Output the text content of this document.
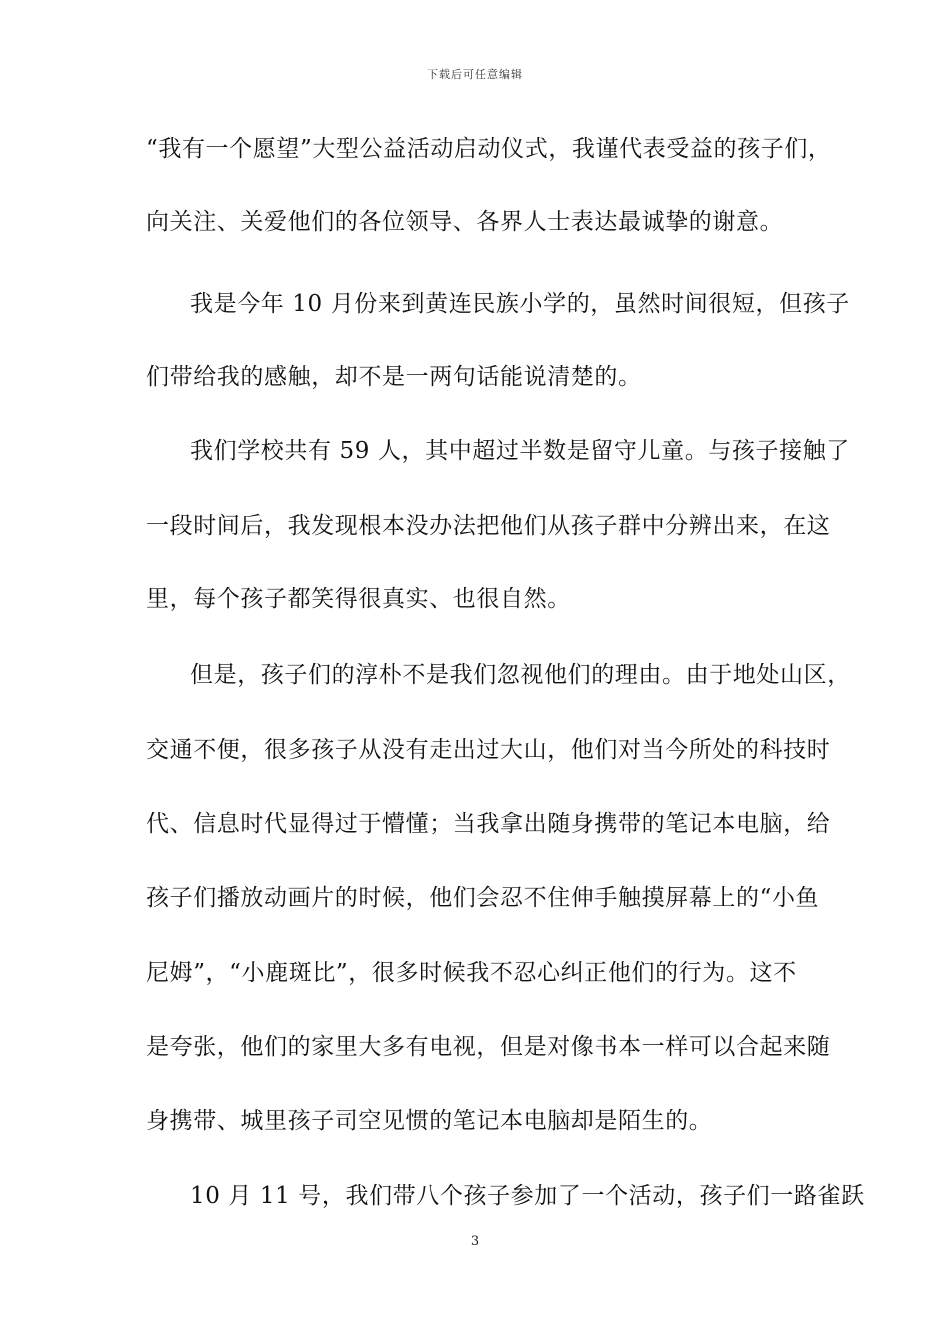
下载后可任意编辑
“我有一个愿望”大型公益活动启动仪式，我谨代表受益的孩子们，
向关注、关爱他们的各位领导、各界人士表达最诚挚的谢意。
我是今年 10 月份来到黄连民族小学的，虽然时间很短，但孩子
们带给我的感触，却不是一两句话能说清楚的。
我们学校共有 59 人，其中超过半数是留守儿童。与孩子接触了
一段时间后，我发现根本没办法把他们从孩子群中分辨出来，在这
里，每个孩子都笑得很真实、也很自然。
但是，孩子们的淳朴不是我们忽视他们的理由。由于地处山区，
交通不便，很多孩子从没有走出过大山，他们对当今所处的科技时
代、信息时代显得过于懵懂；当我拿出随身携带的笔记本电脑，给
孩子们播放动画片的时候，他们会忍不住伸手触摸屏幕上的“小鱼
尼姆”，“小鹿斑比”，很多时候我不忍心纠正他们的行为。这不
是夸张，他们的家里大多有电视，但是对像书本一样可以合起来随
身携带、城里孩子司空见惯的笔记本电脑却是陌生的。
10 月 11 号，我们带八个孩子参加了一个活动，孩子们一路雀跃
3
